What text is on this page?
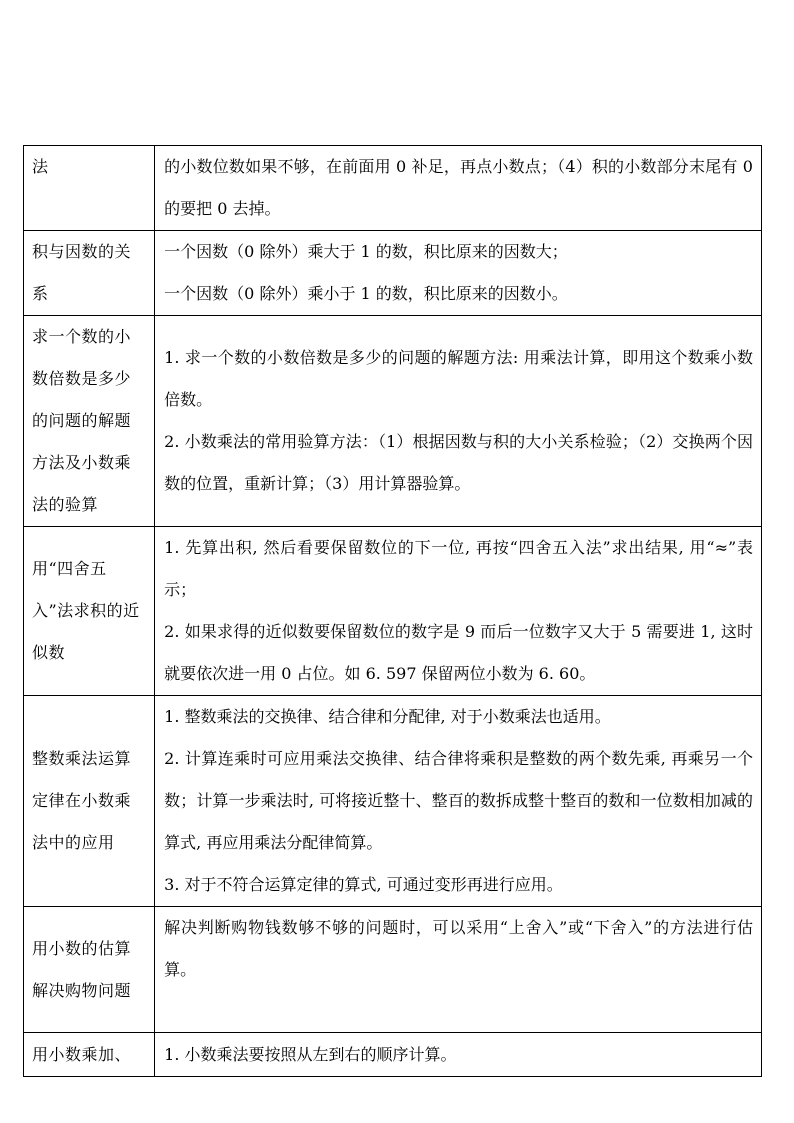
法	的小数位数如果不够，在前面用 0 补足，再点小数点；（4）积的小数部分末尾有 0 的要把 0 去掉。

积与因数的关系	一个因数（0 除外）乘大于 1 的数，积比原来的因数大；

一个因数（0 除外）乘小于 1 的数，积比原来的因数小。

求一个数的小数倍数是多少的问题的解题方法及小数乘法的验算	1. 求一个数的小数倍数是多少的问题的解题方法: 用乘法计算，即用这个数乘小数倍数。

2. 小数乘法的常用验算方法：（1）根据因数与积的大小关系检验；（2）交换两个因数的位置，重新计算；（3）用计算器验算。

用“四舍五入”法求积的近似数	1. 先算出积, 然后看要保留数位的下一位, 再按“四舍五入法”求出结果, 用“≈”表示；

2. 如果求得的近似数要保留数位的数字是 9 而后一位数字又大于 5 需要进 1, 这时就要依次进一用 0 占位。如 6. 597 保留两位小数为 6. 60。

整数乘法运算定律在小数乘法中的应用	1. 整数乘法的交换律、结合律和分配律, 对于小数乘法也适用。

2. 计算连乘时可应用乘法交换律、结合律将乘积是整数的两个数先乘, 再乘另一个数；计算一步乘法时, 可将接近整十、整百的数拆成整十整百的数和一位数相加减的算式, 再应用乘法分配律简算。

3. 对于不符合运算定律的算式, 可通过变形再进行应用。

用小数的估算解决购物问题	解决判断购物钱数够不够的问题时，可以采用“上舍入”或“下舍入”的方法进行估算。

用小数乘加、	1. 小数乘法要按照从左到右的顺序计算。
